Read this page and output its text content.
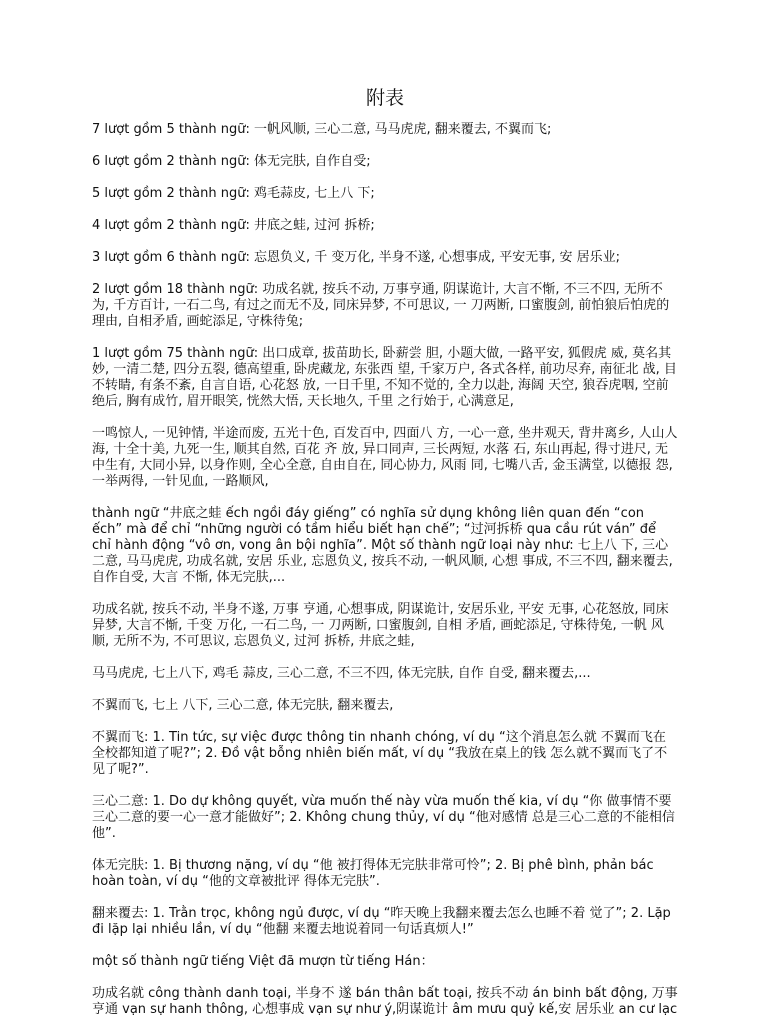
附表

7 lượt gồm 5 thành ngữ: 一帆风顺, 三心二意, 马马虎虎, 翻来覆去, 不翼而飞;

6 lượt gồm 2 thành ngữ: 体无完肤, 自作自受;

5 lượt gồm 2 thành ngữ: 鸡毛蒜皮, 七上八 下;

4 lượt gồm 2 thành ngữ: 井底之蛙, 过河 拆桥;

3 lượt gồm 6 thành ngữ: 忘恩负义, 千 变万化, 半身不遂, 心想事成, 平安无事, 安 居乐业;

2 lượt gồm 18 thành ngữ: 功成名就, 按兵不动, 万事亨通, 阴谋诡计, 大言不惭, 不三不四, 无所不为, 千方百计, 一石二鸟, 有过之而无不及, 同床异梦, 不可思议, 一 刀两断, 口蜜腹剑, 前怕狼后怕虎的理由, 自相矛盾, 画蛇添足, 守株待兔;

1 lượt gồm 75 thành ngữ: 出口成章, 拔苗助长, 卧薪尝 胆, 小题大做, 一路平安, 狐假虎 威, 莫名其妙, 一清二楚, 四分五裂, 德高望重, 卧虎藏龙, 东张西 望, 千家万户, 各式各样, 前功尽弃, 南征北 战, 目不转睛, 有条不紊, 自言自语, 心花怒 放, 一日千里, 不知不觉的, 全力以赴, 海阔 天空, 狼吞虎咽, 空前绝后, 胸有成竹, 眉开眼笑, 恍然大悟, 天长地久, 千里 之行始于, 心满意足,

一鸣惊人, 一见钟情, 半途而废, 五光十色, 百发百中, 四面八 方, 一心一意, 坐井观天, 背井离乡, 人山人海, 十全十美, 九死一生, 顺其自然, 百花 齐 放, 异口同声, 三长两短, 水落 石, 东山再起, 得寸进尺, 无中生有, 大同小异, 以身作则, 全心全意, 自由自在, 同心协力, 风雨 同, 七嘴八舌, 金玉满堂, 以德报 怨, 一举两得, 一针见血, 一路顺风,

thành ngữ “井底之蛙 ếch ngồi đáy giếng” có nghĩa sử dụng không liên quan đến “con ếch” mà để chỉ “những người có tầm hiểu biết hạn chế”; “过河拆桥 qua cầu rút ván” để chỉ hành động “vô ơn, vong ân bội nghĩa”. Một số thành ngữ loại này như: 七上八 下, 三心二意, 马马虎虎, 功成名就, 安居 乐业, 忘恩负义, 按兵不动, 一帆风顺, 心想 事成, 不三不四, 翻来覆去, 自作自受, 大言 不惭, 体无完肤,...

功成名就, 按兵不动, 半身不遂, 万事 亨通, 心想事成, 阴谋诡计, 安居乐业, 平安 无事, 心花怒放, 同床异梦, 大言不惭, 千变 万化, 一石二鸟, 一 刀两断, 口蜜腹剑, 自相 矛盾, 画蛇添足, 守株待兔, 一帆 风顺, 无所不为, 不可思议, 忘恩负义, 过河 拆桥, 井底之蛙,

马马虎虎, 七上八下, 鸡毛 蒜皮, 三心二意, 不三不四, 体无完肤, 自作 自受, 翻来覆去,...

不翼而飞, 七上 八下, 三心二意, 体无完肤, 翻来覆去,

不翼而飞: 1. Tin tức, sự việc được thông tin nhanh chóng, ví dụ “这个消息怎么就 不翼而飞在全校都知道了呢?”; 2. Đồ vật bỗng nhiên biến mất, ví dụ “我放在桌上的钱 怎么就不翼而飞了不见了呢?”.

三心二意: 1. Do dự không quyết, vừa muốn thế này vừa muốn thế kia, ví dụ “你 做事情不要三心二意的要一心一意才能做好”; 2. Không chung thủy, ví dụ “他对感情 总是三心二意的不能相信他”.

体无完肤: 1. Bị thương nặng, ví dụ “他 被打得体无完肤非常可怜”; 2. Bị phê bình, phản bác hoàn toàn, ví dụ “他的文章被批评 得体无完肤”.

翻来覆去: 1. Trằn trọc, không ngủ được, ví dụ “昨天晚上我翻来覆去怎么也睡不着 觉了”; 2. Lặp đi lặp lại nhiều lần, ví dụ “他翻 来覆去地说着同一句话真烦人!”

một số thành ngữ tiếng Việt đã mượn từ tiếng Hán：

功成名就 công thành danh toại, 半身不 遂 bán thân bất toại, 按兵不动 án binh bất động, 万事亨通 vạn sự hanh thông, 心想事成 vạn sự như ý,阴谋诡计 âm mưu quỷ kế,安 居乐业 an cư lạc
